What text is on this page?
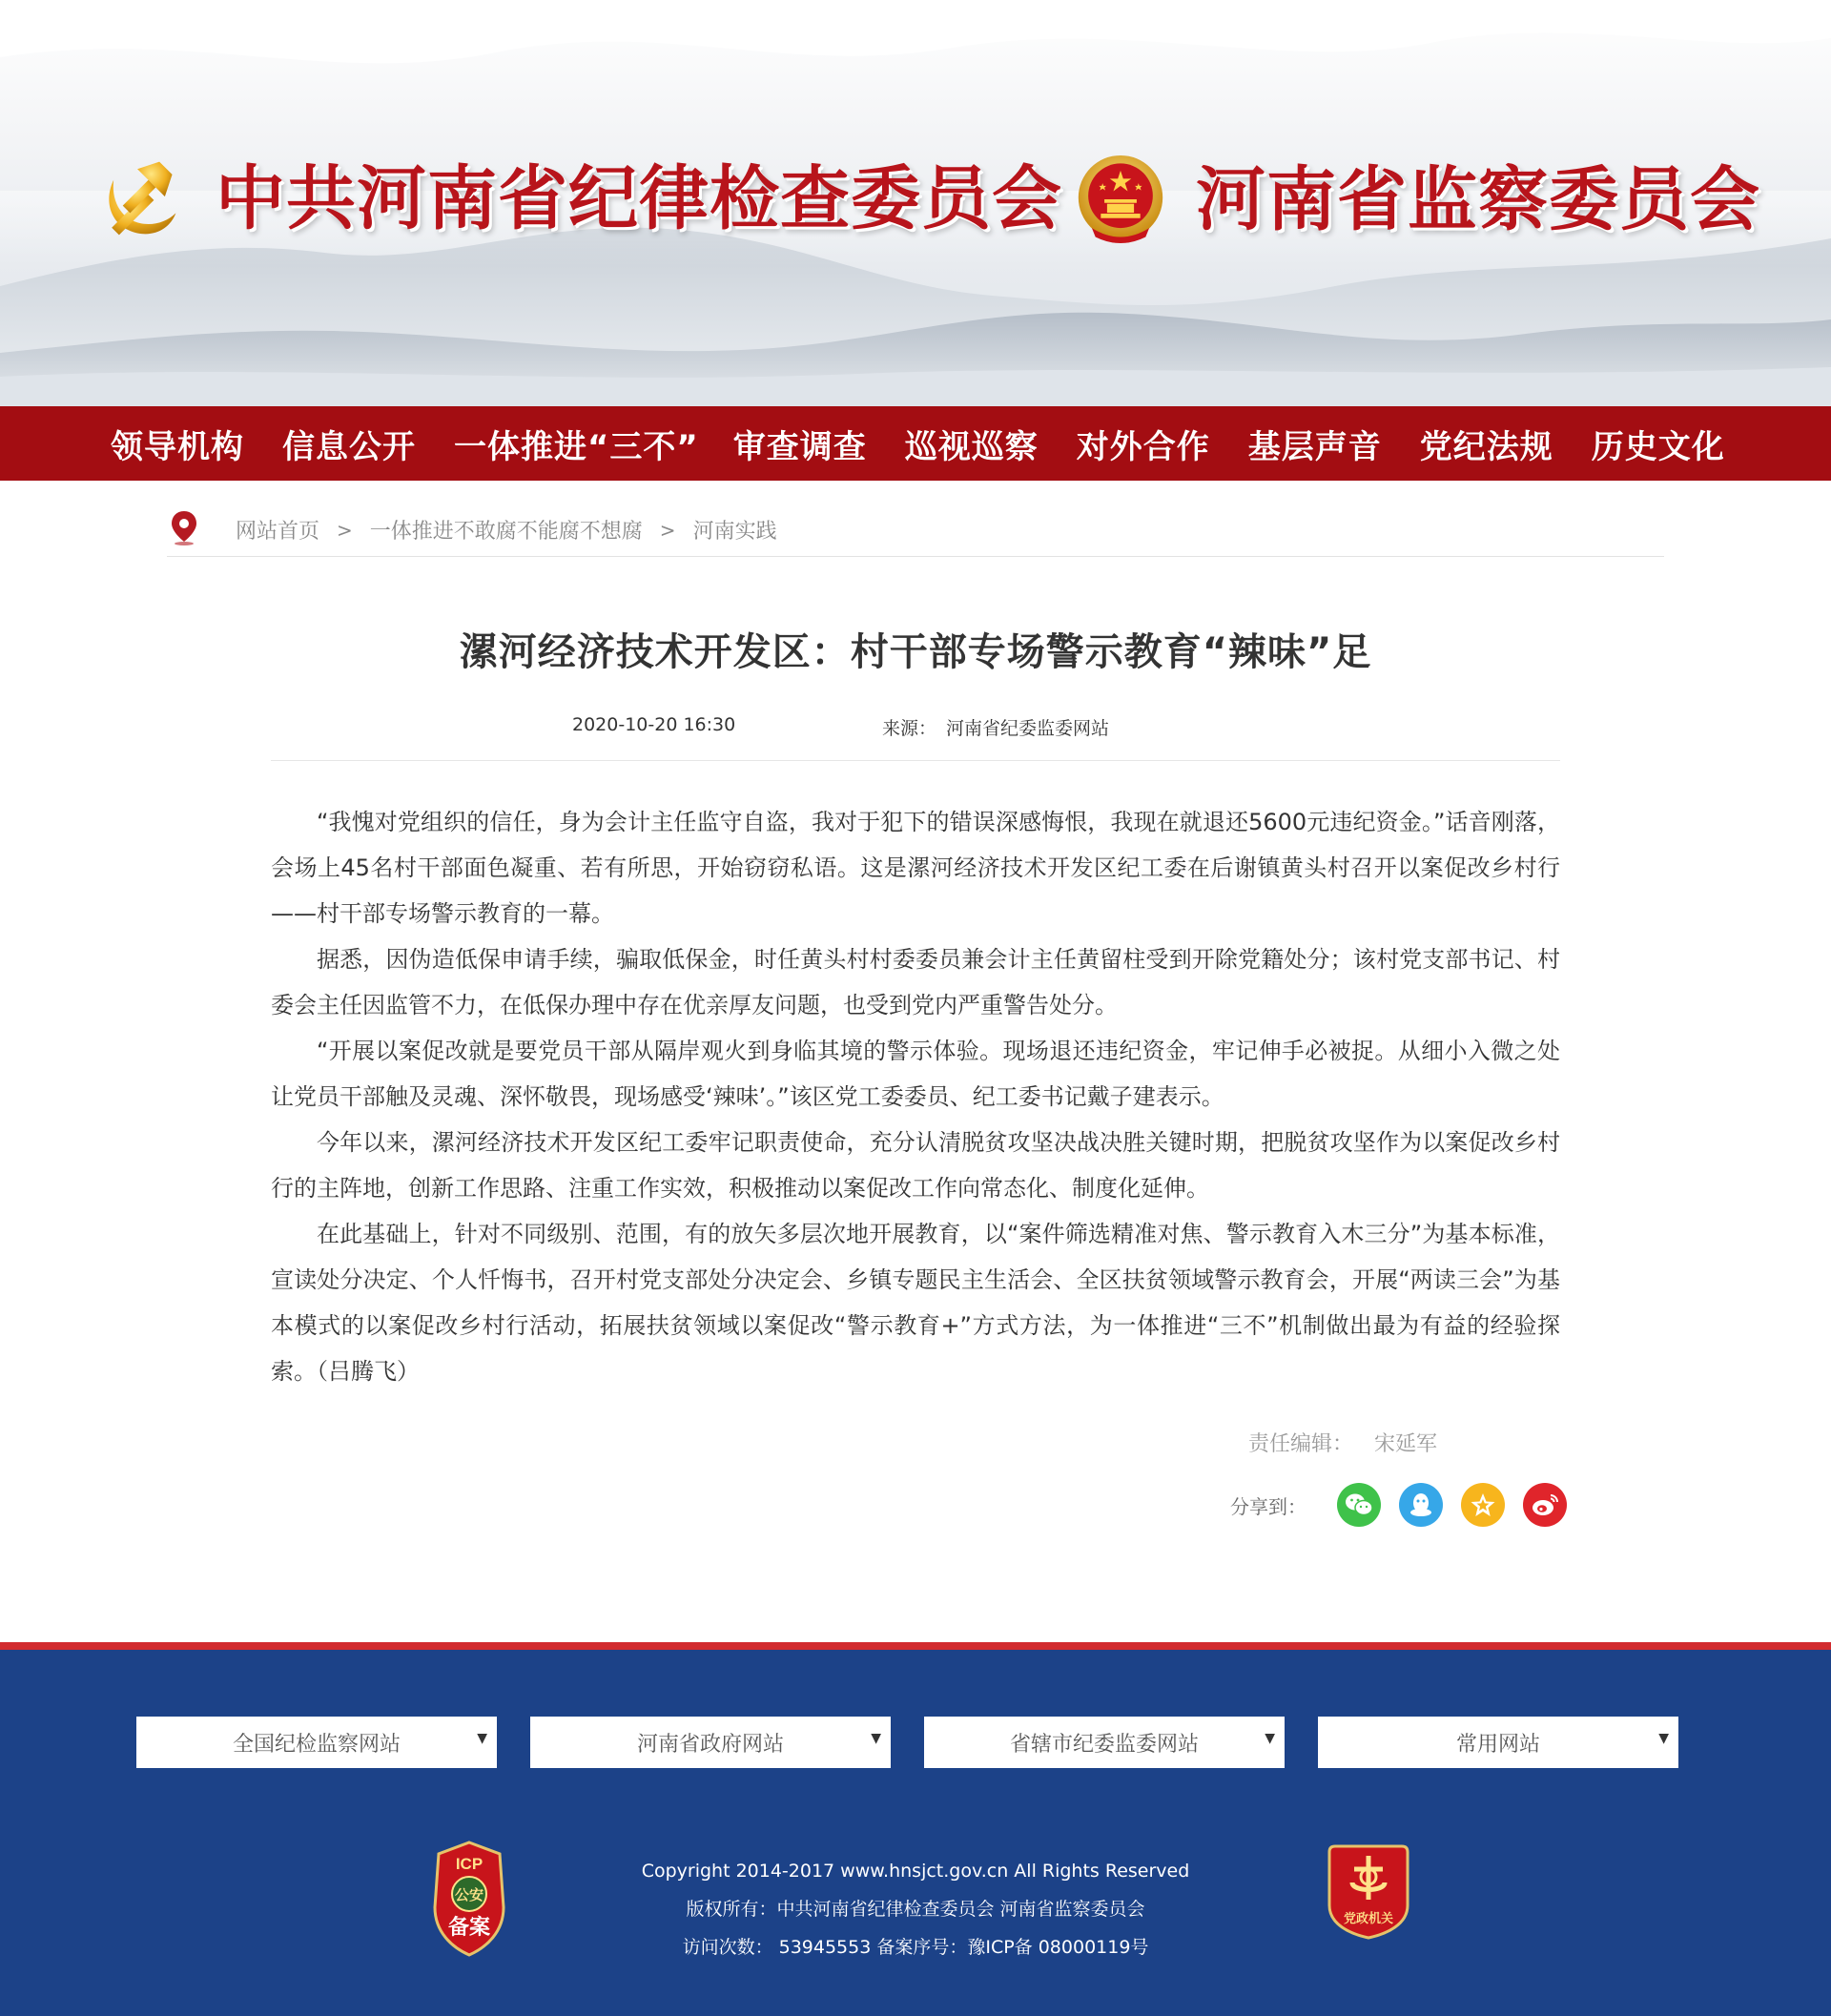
中共河南省纪律检查委员会 河南省监察委员会
领导机构 信息公开 一体推进“三不” 审查调查 巡视巡察 对外合作 基层声音 党纪法规 历史文化
网站首页 > 一体推进不敢腐不能腐不想腐 > 河南实践
漯河经济技术开发区：村干部专场警示教育“辣味”足
2020-10-20 16:30	来源： 河南省纪委监委网站

“我愧对党组织的信任，身为会计主任监守自盗，我对于犯下的错误深感悔恨，我现在就退还5600元违纪资金。”话音刚落，会场上45名村干部面色凝重、若有所思，开始窃窃私语。这是漯河经济技术开发区纪工委在后谢镇黄头村召开以案促改乡村行——村干部专场警示教育的一幕。

据悉，因伪造低保申请手续，骗取低保金，时任黄头村村委委员兼会计主任黄留柱受到开除党籍处分；该村党支部书记、村委会主任因监管不力，在低保办理中存在优亲厚友问题，也受到党内严重警告处分。

“开展以案促改就是要党员干部从隔岸观火到身临其境的警示体验。现场退还违纪资金，牢记伸手必被捉。从细小入微之处让党员干部触及灵魂、深怀敬畏，现场感受‘辣味’。”该区党工委委员、纪工委书记戴子建表示。

今年以来，漯河经济技术开发区纪工委牢记职责使命，充分认清脱贫攻坚决战决胜关键时期，把脱贫攻坚作为以案促改乡村行的主阵地，创新工作思路、注重工作实效，积极推动以案促改工作向常态化、制度化延伸。

在此基础上，针对不同级别、范围，有的放矢多层次地开展教育，以“案件筛选精准对焦、警示教育入木三分”为基本标准，宣读处分决定、个人忏悔书，召开村党支部处分决定会、乡镇专题民主生活会、全区扶贫领域警示教育会，开展“两读三会”为基本模式的以案促改乡村行活动，拓展扶贫领域以案促改“警示教育+”方式方法，为一体推进“三不”机制做出最为有益的经验探索。（吕腾飞）

责任编辑： 宋延军
分享到：
全国纪检监察网站	▼	河南省政府网站	▼	省辖市纪委监委网站	▼	常用网站	▼
ICP
公安
备案
Copyright 2014-2017 www.hnsjct.gov.cn All Rights Reserved
版权所有：中共河南省纪律检查委员会 河南省监察委员会
访问次数： 53945553 备案序号：豫ICP备 08000119号
党政机关
